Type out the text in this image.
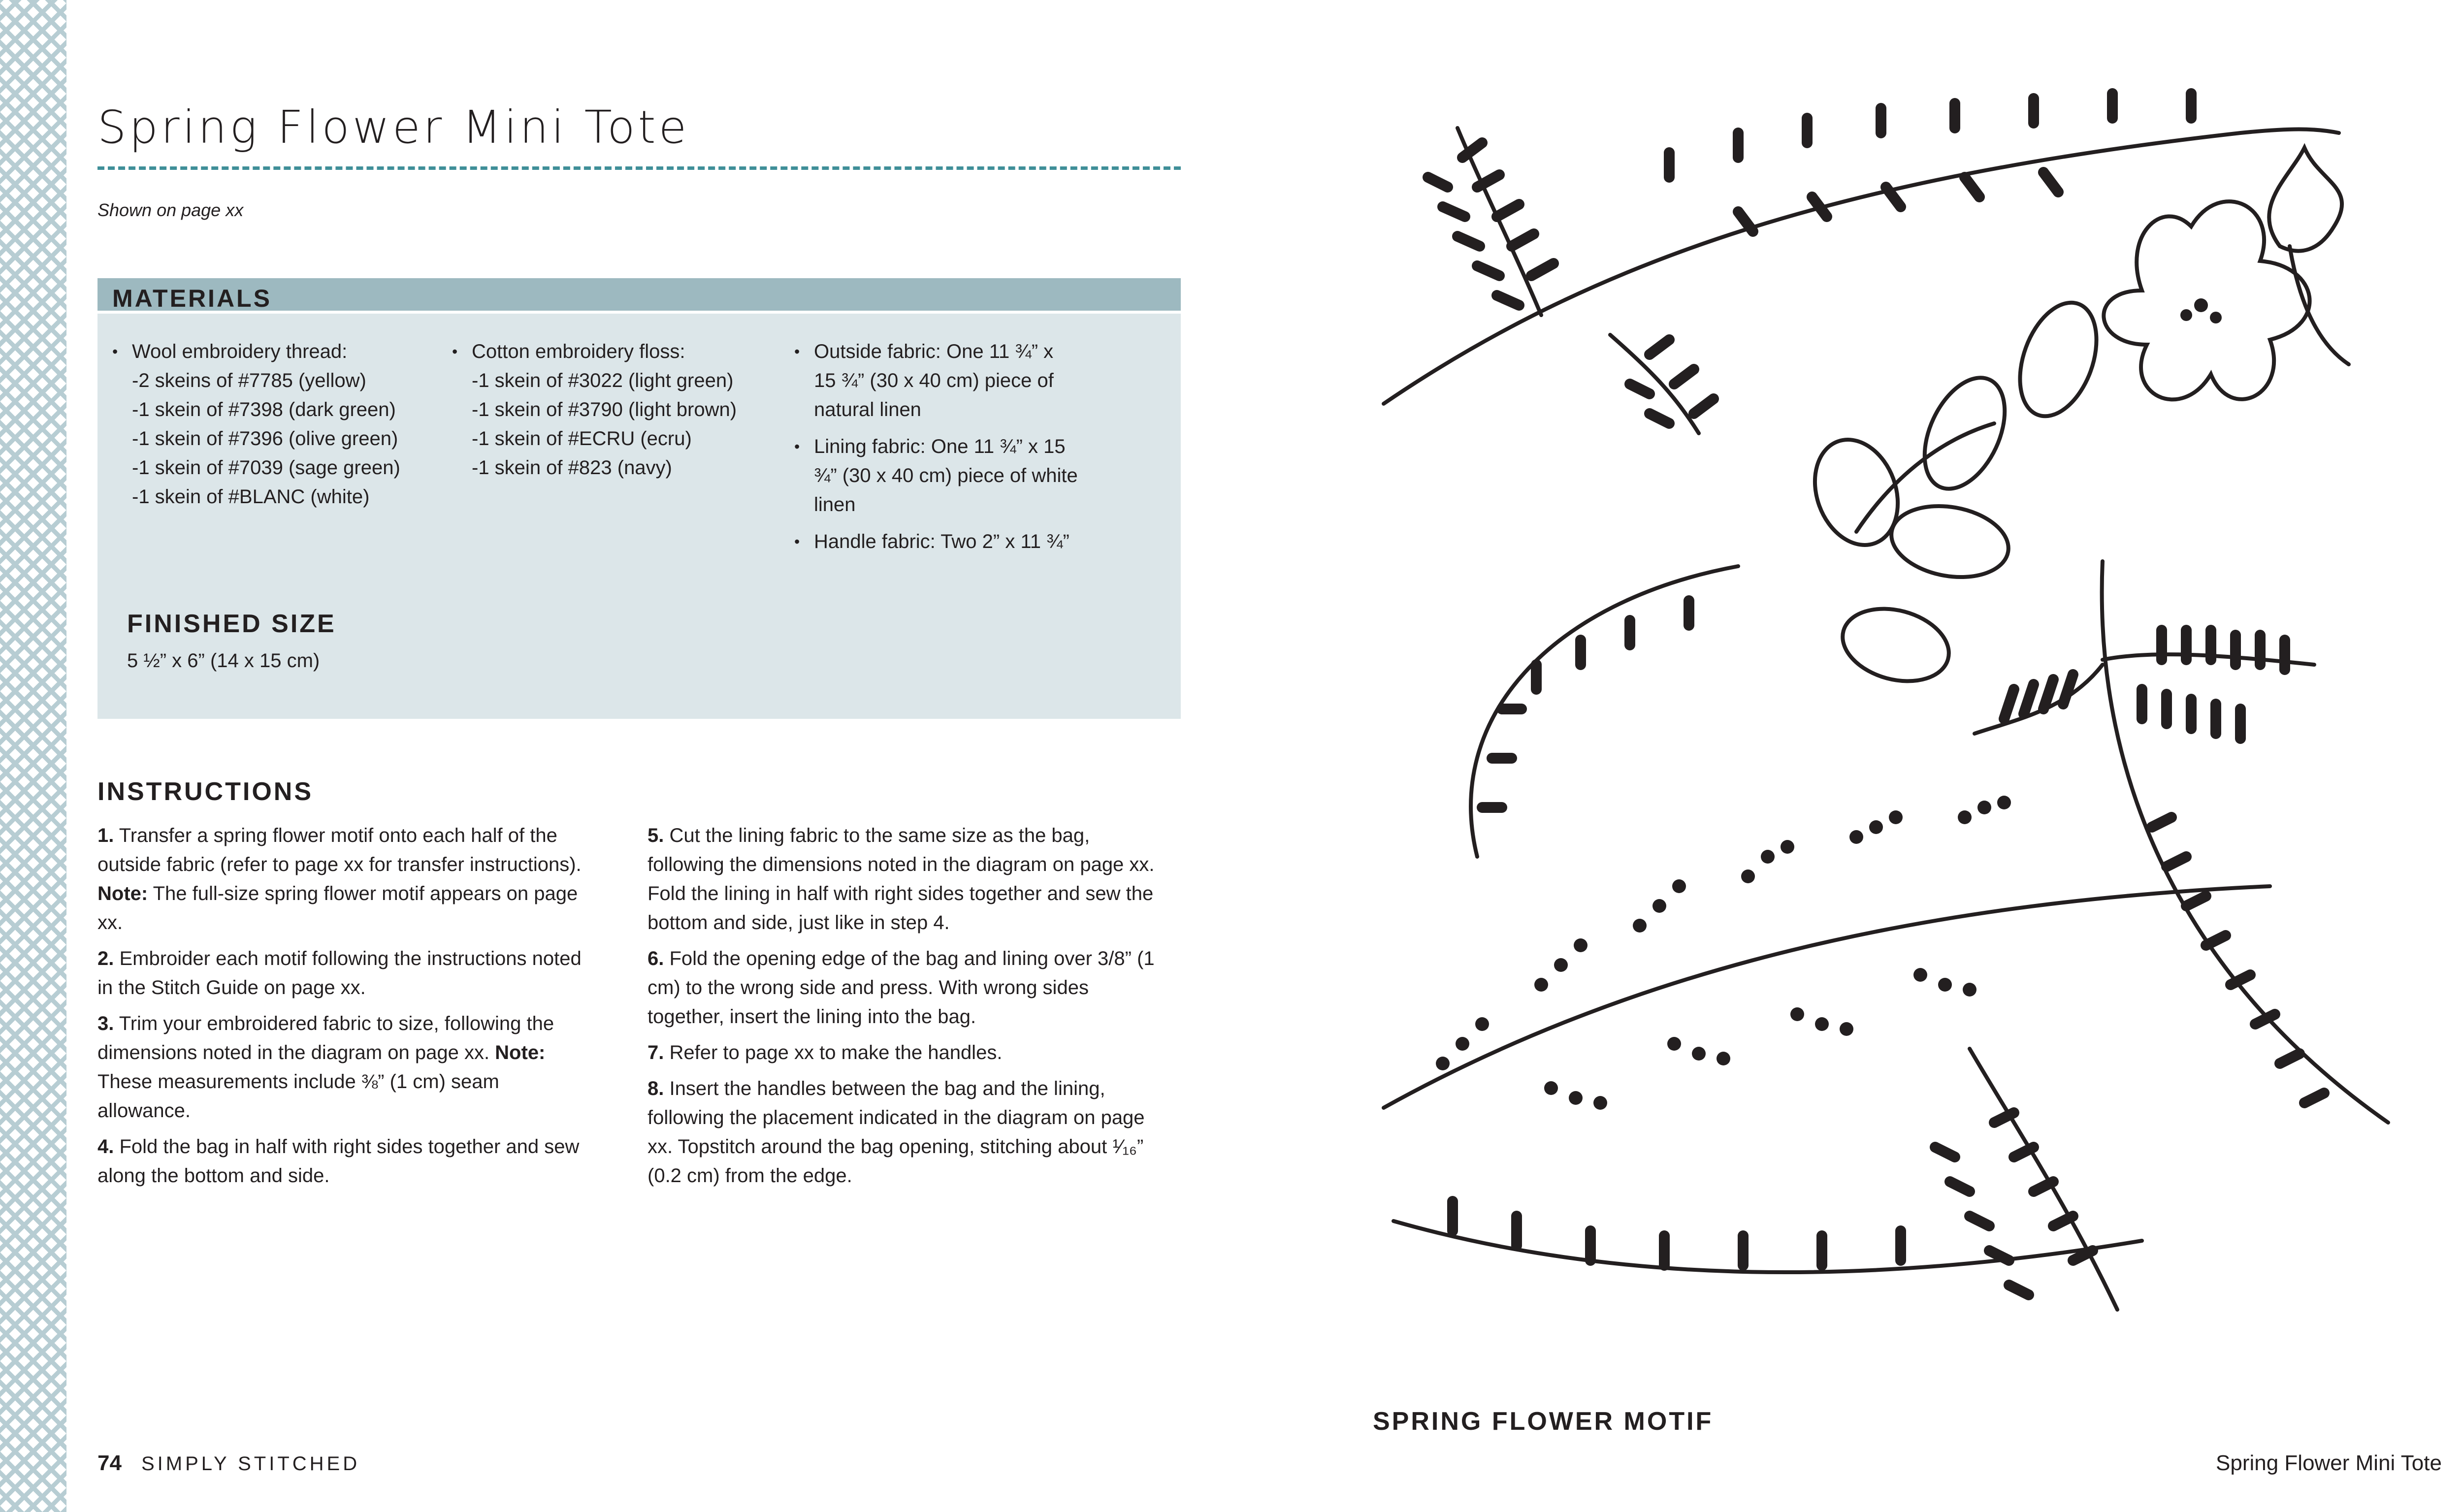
Spring Flower Mini Tote
Shown on page xx
MATERIALS
• Wool embroidery thread:
-2 skeins of #7785 (yellow)
-1 skein of #7398 (dark green)
-1 skein of #7396 (olive green)
-1 skein of #7039 (sage green)
-1 skein of #BLANC (white)
• Cotton embroidery floss:
-1 skein of #3022 (light green)
-1 skein of #3790 (light brown)
-1 skein of #ECRU (ecru)
-1 skein of #823 (navy)
• Outside fabric: One 11 ¾” x
15 ¾” (30 x 40 cm) piece of
natural linen
• Lining fabric: One 11 ¾” x 15
¾” (30 x 40 cm) piece of white
linen
• Handle fabric: Two 2” x 11 ¾”
FINISHED SIZE
5 ½” x 6” (14 x 15 cm)
INSTRUCTIONS

1. Transfer a spring flower motif onto each half of the outside fabric (refer to page xx for transfer instructions). Note: The full-size spring flower motif appears on page xx.

2. Embroider each motif following the instructions noted in the Stitch Guide on page xx.

3. Trim your embroidered fabric to size, following the dimensions noted in the diagram on page xx. Note: These measurements include ⅜” (1 cm) seam allowance.

4. Fold the bag in half with right sides together and sew along the bottom and side.

5. Cut the lining fabric to the same size as the bag, following the dimensions noted in the diagram on page xx. Fold the lining in half with right sides together and sew the bottom and side, just like in step 4.

6. Fold the opening edge of the bag and lining over 3/8” (1 cm) to the wrong side and press. With wrong sides together, insert the lining into the bag.

7. Refer to page xx to make the handles.

8. Insert the handles between the bag and the lining, following the placement indicated in the diagram on page xx. Topstitch around the bag opening, stitching about ¹⁄₁₆” (0.2 cm) from the edge.

74 SIMPLY STITCHED
SPRING FLOWER MOTIF
Spring Flower Mini Tote
